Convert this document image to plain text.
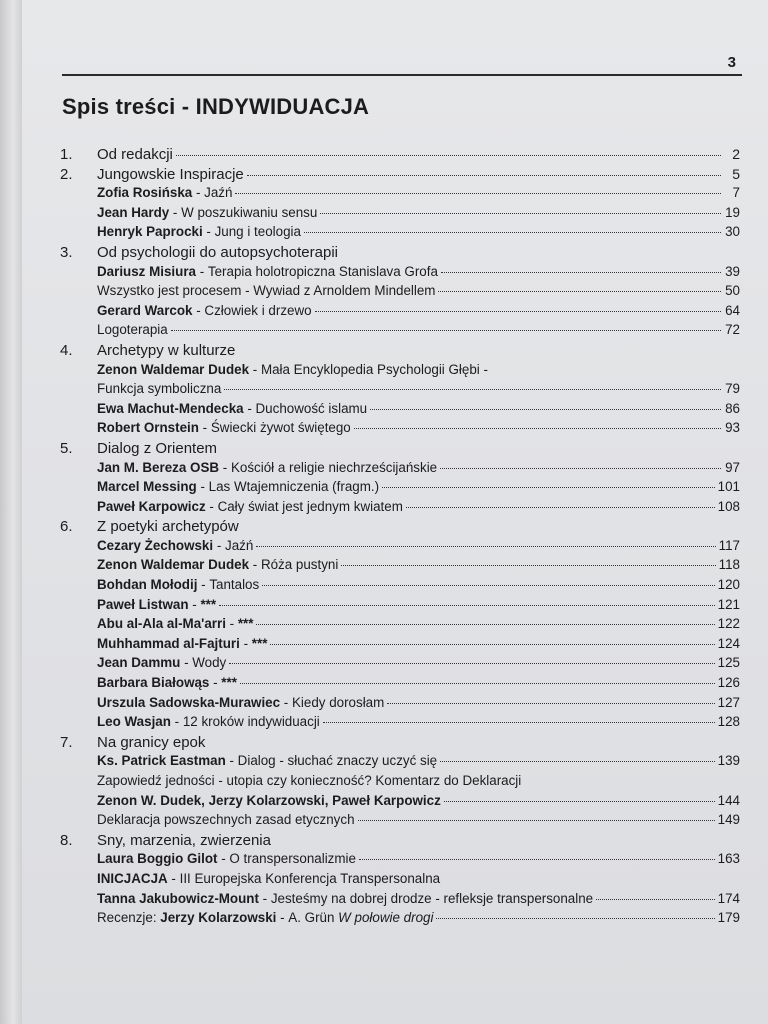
3
Spis treści - INDYWIDUACJA
1.	Od redakcji	2
2.	Jungowskie Inspiracje	5
Zofia Rosińska - Jaźń	7
Jean Hardy - W poszukiwaniu sensu	19
Henryk Paprocki - Jung i teologia	30
3.	Od psychologii do autopsychoterapii
Dariusz Misiura - Terapia holotropiczna Stanislava Grofa	39
Wszystko jest procesem - Wywiad z Arnoldem Mindellem	50
Gerard Warcok - Człowiek i drzewo	64
Logoterapia	72
4.	Archetypy w kulturze
Zenon Waldemar Dudek - Mała Encyklopedia Psychologii Głębi -
Funkcja symboliczna	79
Ewa Machut-Mendecka - Duchowość islamu	86
Robert Ornstein - Świecki żywot świętego	93
5.	Dialog z Orientem
Jan M. Bereza OSB - Kościół a religie niechrześcijańskie	97
Marcel Messing - Las Wtajemniczenia (fragm.)	101
Paweł Karpowicz - Cały świat jest jednym kwiatem	108
6.	Z poetyki archetypów
Cezary Żechowski - Jaźń	117
Zenon Waldemar Dudek - Róża pustyni	118
Bohdan Mołodij - Tantalos	120
Paweł Listwan - ***	121
Abu al-Ala al-Ma'arri - ***	122
Muhhammad al-Fajturi - ***	124
Jean Dammu - Wody	125
Barbara Białowąs - ***	126
Urszula Sadowska-Murawiec - Kiedy dorosłam	127
Leo Wasjan - 12 kroków indywiduacji	128
7.	Na granicy epok
Ks. Patrick Eastman - Dialog - słuchać znaczy uczyć się	139
Zapowiedź jedności - utopia czy konieczność? Komentarz do Deklaracji
Zenon W. Dudek, Jerzy Kolarzowski, Paweł Karpowicz	144
Deklaracja powszechnych zasad etycznych	149
8.	Sny, marzenia, zwierzenia
Laura Boggio Gilot - O transpersonalizmie	163
INICJACJA - III Europejska Konferencja Transpersonalna
Tanna Jakubowicz-Mount - Jesteśmy na dobrej drodze - refleksje transpersonalne	174
Recenzje: Jerzy Kolarzowski - A. Grün
W połowie drogi	179
